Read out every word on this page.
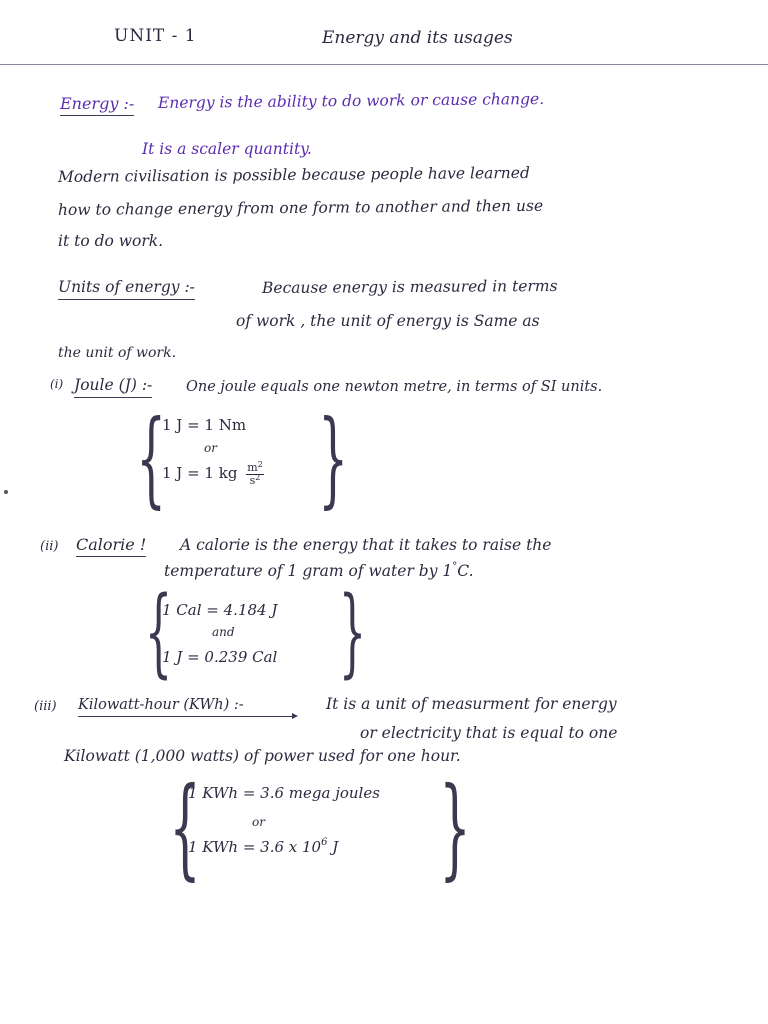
UNIT - 1	Energy and its usages
Energy :- Energy is the ability to do work or cause change.
It is a scaler quantity.
Modern civilisation is possible because people have learned
how to change energy from one form to another and then use
it to do work.
Units of energy :-	Because energy is measured in terms
of work , the unit of energy is Same as
the unit of work.
(i) Joule (J) :- One joule equals one newton metre, in terms of SI units.
{
1 J = 1 Nm
or
1 J = 1 kg $\frac{m^2}{s^2}$ }
(ii) Calorie ! A calorie is the energy that it takes to raise the
temperature of 1 gram of water by 1°C.
{
1 Cal = 4.184 J
and
1 J = 0.239 Cal }
(iii) Kilowatt-hour (KWh) :-	It is a unit of measurment for energy
or electricity that is equal to one
Kilowatt (1,000 watts) of power used for one hour.
{
1 KWh = 3.6 mega joules
or
1 KWh = 3.6 x $10^6$ J }
